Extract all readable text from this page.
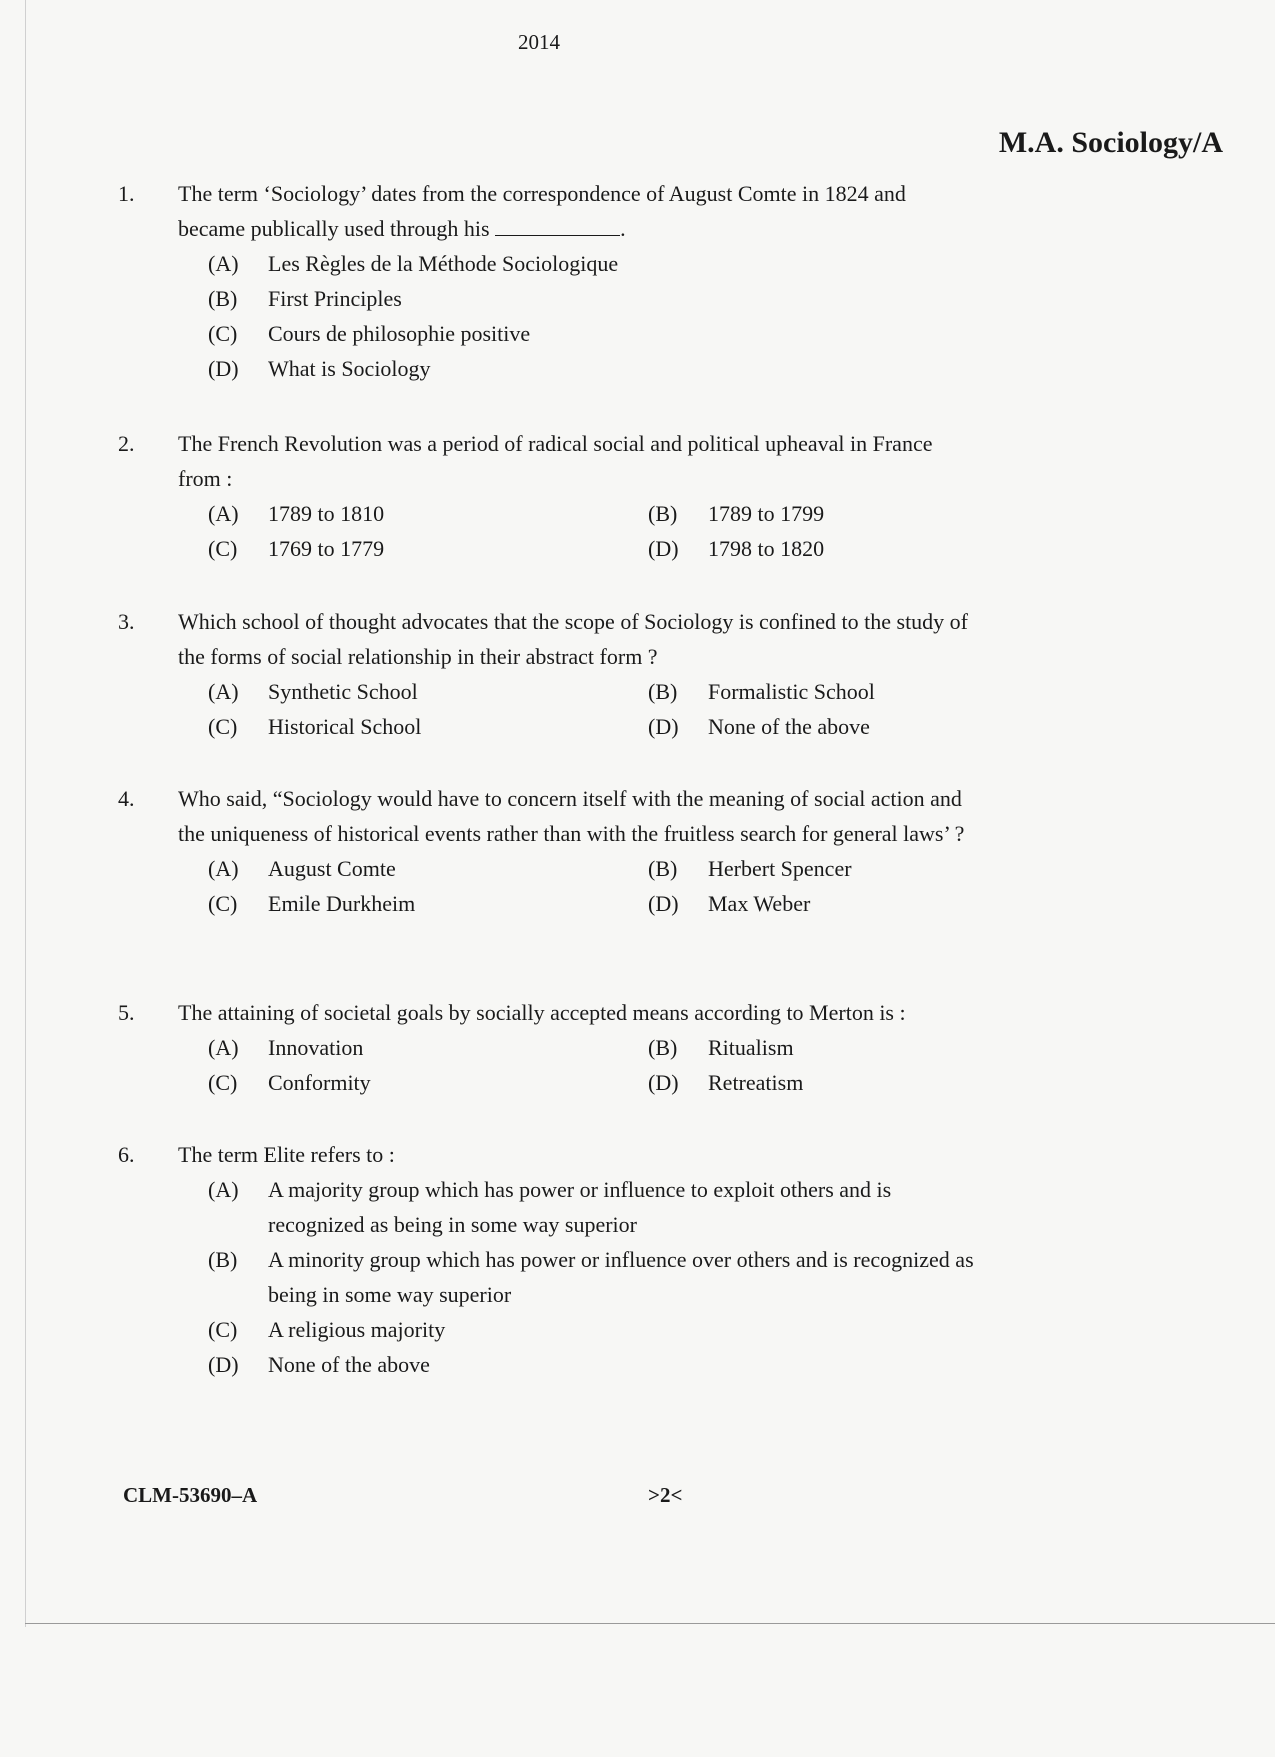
2014
M.A. Sociology/A
1.	The term ‘Sociology’ dates from the correspondence of August Comte in 1824 and became publically used through his	.
(A)	Les Règles de la Méthode Sociologique
(B)	First Principles
(C)	Cours de philosophie positive
(D)	What is Sociology
2.	The French Revolution was a period of radical social and political upheaval in France from :
(A)	1789 to 1810	(B)	1789 to 1799
(C)	1769 to 1779	(D)	1798 to 1820
3.	Which school of thought advocates that the scope of Sociology is confined to the study of the forms of social relationship in their abstract form ?
(A)	Synthetic School	(B)	Formalistic School
(C)	Historical School	(D)	None of the above
4.	Who said, “Sociology would have to concern itself with the meaning of social action and the uniqueness of historical events rather than with the fruitless search for general laws’ ?
(A)	August Comte	(B)	Herbert Spencer
(C)	Emile Durkheim	(D)	Max Weber
5.	The attaining of societal goals by socially accepted means according to Merton is :
(A)	Innovation	(B)	Ritualism
(C)	Conformity	(D)	Retreatism
6.	The term Elite refers to :
(A)	A majority group which has power or influence to exploit others and is recognized as being in some way superior
(B)	A minority group which has power or influence over others and is recognized as being in some way superior
(C)	A religious majority
(D)	None of the above
CLM-53690–A	>2<
